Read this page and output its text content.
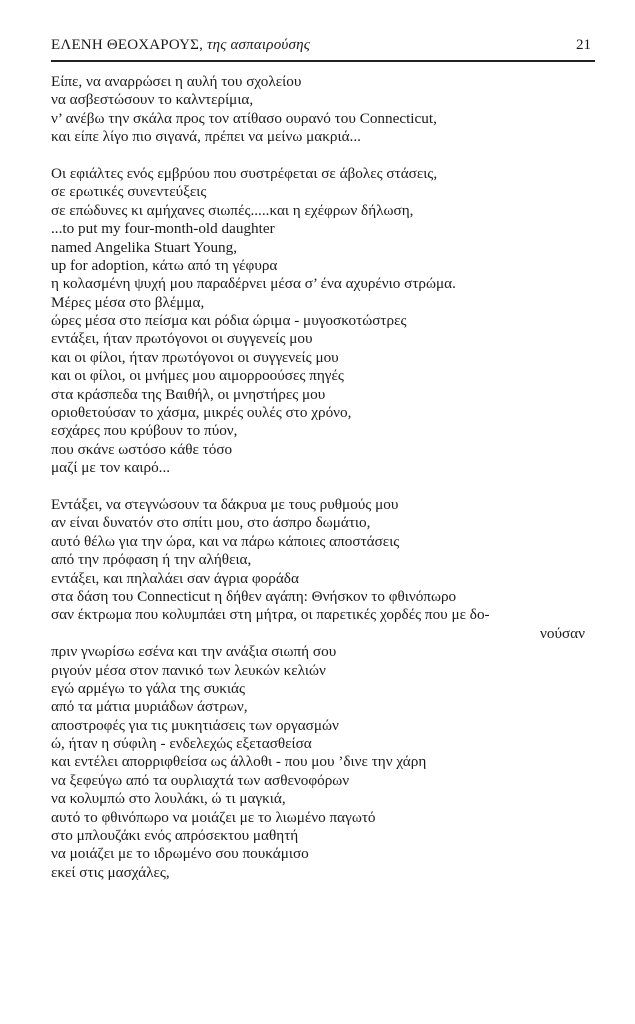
ΕΛΕΝΗ ΘΕΟΧΑΡΟΥΣ, της ασπαιρούσης	21
Είπε, να αναρρώσει η αυλή του σχολείου
να ασβεστώσουν το καλντερίμια,
ν’ ανέβω την σκάλα προς τον ατίθασο ουρανό του Connecticut,
και είπε λίγο πιο σιγανά, πρέπει να μείνω μακριά...
Οι εφιάλτες ενός εμβρύου που συστρέφεται σε άβολες στάσεις,
σε ερωτικές συνεντεύξεις
σε επώδυνες κι αμήχανες σιωπές.....και η εχέφρων δήλωση,
...to put my four-month-old daughter
named Angelika Stuart Young,
up for adoption, κάτω από τη γέφυρα
η κολασμένη ψυχή μου παραδέρνει μέσα σ’ ένα αχυρένιο στρώμα.
Μέρες μέσα στο βλέμμα,
ώρες μέσα στο πείσμα και ρόδια ώριμα - μυγοσκοτώστρες
εντάξει, ήταν πρωτόγονοι οι συγγενείς μου
και οι φίλοι, ήταν πρωτόγονοι οι συγγενείς μου
και οι φίλοι, οι μνήμες μου αιμορροούσες πηγές
στα κράσπεδα της Βαιθήλ, οι μνηστήρες μου
οριοθετούσαν το χάσμα, μικρές ουλές στο χρόνο,
εσχάρες που κρύβουν το πύον,
που σκάνε ωστόσο κάθε τόσο
μαζί με τον καιρό...
Εντάξει, να στεγνώσουν τα δάκρυα με τους ρυθμούς μου
αν είναι δυνατόν στο σπίτι μου, στο άσπρο δωμάτιο,
αυτό θέλω για την ώρα, και να πάρω κάποιες αποστάσεις
από την πρόφαση ή την αλήθεια,
εντάξει, και πηλαλάει σαν άγρια φοράδα
στα δάση του Connecticut η δήθεν αγάπη: Θνήσκον το φθινόπωρο
σαν έκτρωμα που κολυμπάει στη μήτρα, οι παρετικές χορδές που με δο-
νούσαν
πριν γνωρίσω εσένα και την ανάξια σιωπή σου
ριγούν μέσα στον πανικό των λευκών κελιών
εγώ αρμέγω το γάλα της συκιάς
από τα μάτια μυριάδων άστρων,
αποστροφές για τις μυκητιάσεις των οργασμών
ώ, ήταν η σύφιλη - ενδελεχώς εξετασθείσα
και εντέλει απορριφθείσα ως άλλοθι - που μου ’δινε την χάρη
να ξεφεύγω από τα ουρλιαχτά των ασθενοφόρων
να κολυμπώ στο λουλάκι, ώ τι μαγκιά,
αυτό το φθινόπωρο να μοιάζει με το λιωμένο παγωτό
στο μπλουζάκι ενός απρόσεκτου μαθητή
να μοιάζει με το ιδρωμένο σου πουκάμισο
εκεί στις μασχάλες,
